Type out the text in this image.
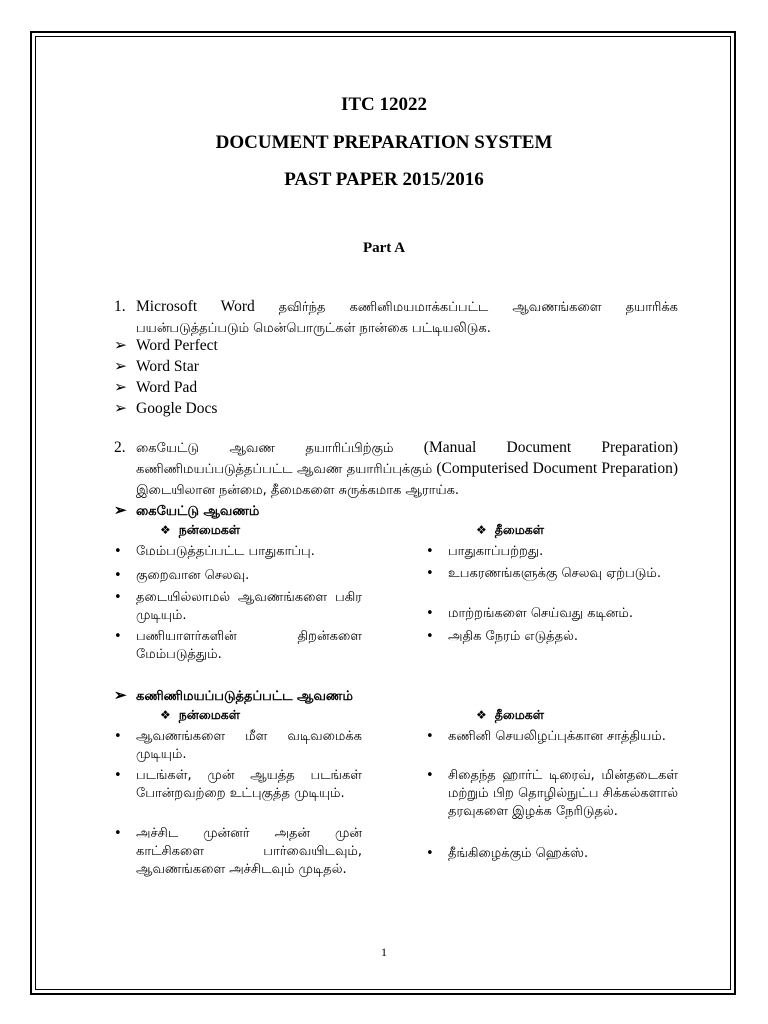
ITC 12022
DOCUMENT PREPARATION SYSTEM
PAST PAPER 2015/2016
Part A
1. Microsoft Word தவிர்ந்த கணினிமயமாக்கப்பட்ட ஆவணங்களை தயாரிக்க பயன்படுத்தப்படும் மென்பொருட்கள் நான்கை பட்டியலிடுக.
➢ Word Perfect
➢ Word Star
➢ Word Pad
➢ Google Docs
2. கையேட்டு ஆவண தயாரிப்பிற்கும் (Manual Document Preparation) கணிணிமயப்படுத்தப்பட்ட ஆவண தயாரிப்புக்கும் (Computerised Document Preparation) இடையிலான நன்மை, தீமைகளை சுருக்கமாக ஆராய்க.
➢ கையேட்டு ஆவணம்
❖ நன்மைகள்	❖ தீமைகள்
• மேம்படுத்தப்பட்ட பாதுகாப்பு.
• குறைவான செலவு.
• தடையில்லாமல் ஆவணங்களை பகிர முடியும்.
• பணியாளர்களின் திறன்களை மேம்படுத்தும்.
• பாதுகாப்பற்றது.
• உபகரணங்களுக்கு செலவு ஏற்படும்.
• மாற்றங்களை செய்வது கடினம்.
• அதிக நேரம் எடுத்தல்.
➢ கணிணிமயப்படுத்தப்பட்ட ஆவணம்
❖ நன்மைகள்	❖ தீமைகள்
• ஆவணங்களை மீள வடிவமைக்க முடியும்.
• படங்கள், முன் ஆயத்த படங்கள் போன்றவற்றை உட்புகுத்த முடியும்.
• அச்சிட முன்னர் அதன் முன் காட்சிகளை பார்வையிடவும், ஆவணங்களை அச்சிடவும் முடிதல்.
• கணினி செயலிழப்புக்கான சாத்தியம்.
• சிதைந்த ஹார்ட் டிரைவ், மின்தடைகள் மற்றும் பிற தொழில்நுட்ப சிக்கல்களால் தரவுகளை இழக்க நேரிடுதல்.
• தீங்கிழைக்கும் ஹெக்ஸ்.
1
